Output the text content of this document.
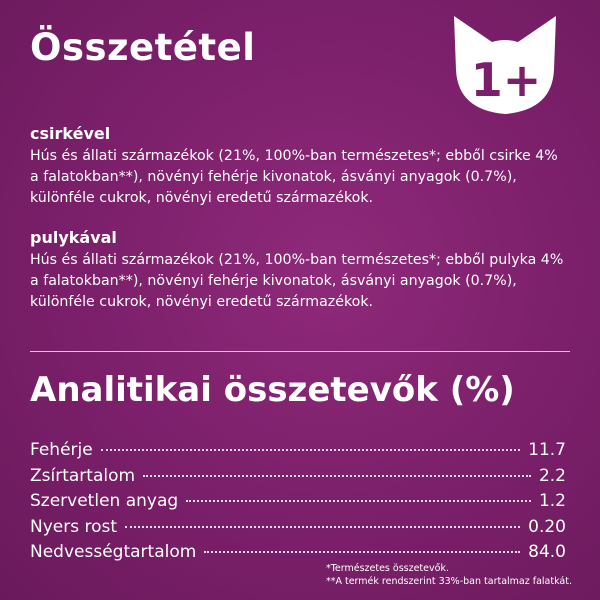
Összetétel
1+
csirkével

Hús és állati származékok (21%, 100%-ban természetes*; ebből csirke 4% a falatokban**), növényi fehérje kivonatok, ásványi anyagok (0.7%), különféle cukrok, növényi eredetű származékok.

pulykával

Hús és állati származékok (21%, 100%-ban természetes*; ebből pulyka 4% a falatokban**), növényi fehérje kivonatok, ásványi anyagok (0.7%), különféle cukrok, növényi eredetű származékok.

Analitikai összetevők (%)
Fehérje	11.7
Zsírtartalom	2.2
Szervetlen anyag	1.2
Nyers rost	0.20
Nedvességtartalom	84.0
*Természetes összetevők.
**A termék rendszerint 33%-ban tartalmaz falatkát.
